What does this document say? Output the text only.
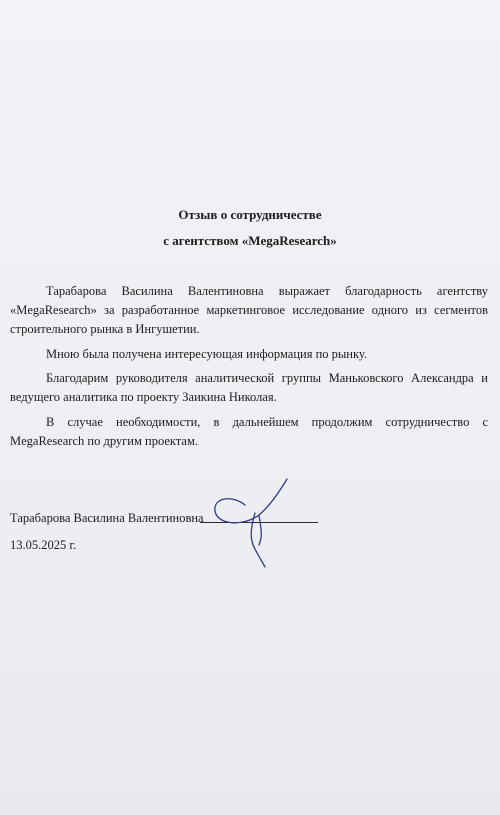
Отзыв о сотрудничестве
с агентством «MegaResearch»

Тарабарова Василина Валентиновна выражает благодарность агентству «MegaResearch» за разработанное маркетинговое исследование одного из сегментов строительного рынка в Ингушетии.

Мною была получена интересующая информация по рынку.

Благодарим руководителя аналитической группы Маньковского Александра и ведущего аналитика по проекту Заикина Николая.

В случае необходимости, в дальнейшем продолжим сотрудничество с MegaResearch по другим проектам.

Тарабарова Василина Валентиновна
13.05.2025 г.
